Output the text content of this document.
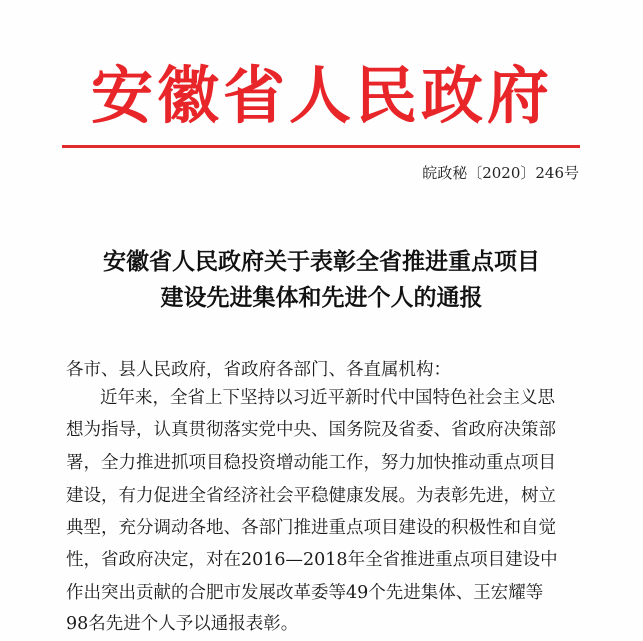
安徽省人民政府
皖政秘〔2020〕246号
安徽省人民政府关于表彰全省推进重点项目
建设先进集体和先进个人的通报
各市、县人民政府，省政府各部门、各直属机构：
近年来，全省上下坚持以习近平新时代中国特色社会主义思
想为指导，认真贯彻落实党中央、国务院及省委、省政府决策部
署，全力推进抓项目稳投资增动能工作，努力加快推动重点项目
建设，有力促进全省经济社会平稳健康发展。为表彰先进，树立
典型，充分调动各地、各部门推进重点项目建设的积极性和自觉
性，省政府决定，对在2016—2018年全省推进重点项目建设中
作出突出贡献的合肥市发展改革委等49个先进集体、王宏耀等
98名先进个人予以通报表彰。
